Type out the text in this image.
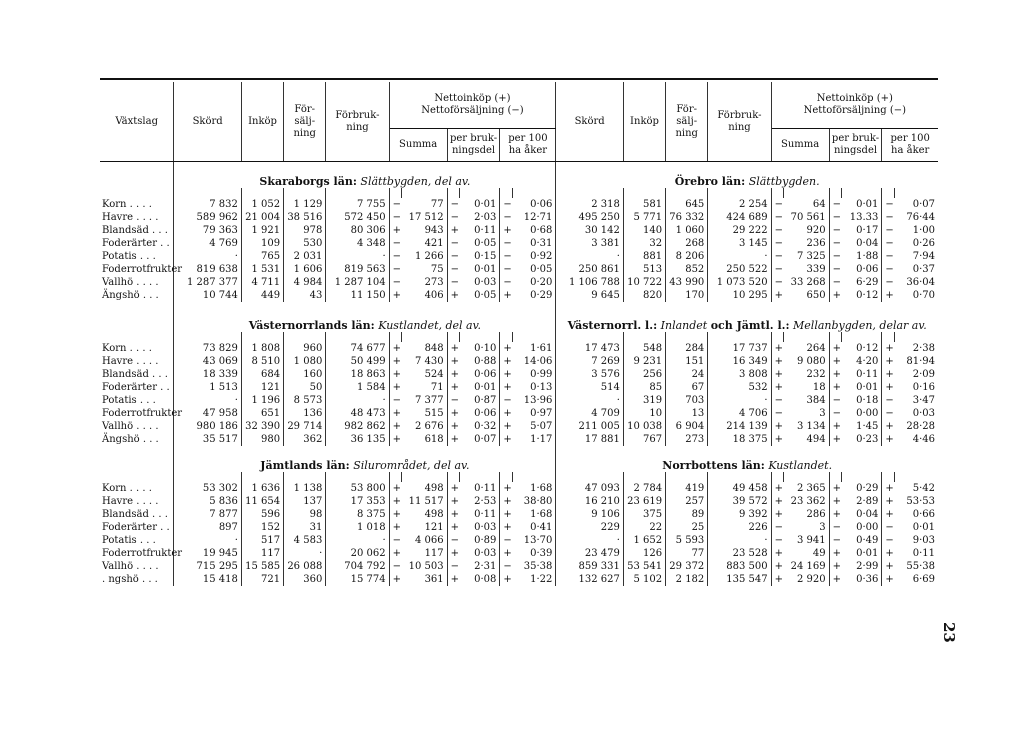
Växtslag	Skörd	Inköp	För-
sälj-
ning	Förbruk-
ning	Nettoinköp (+)
Nettoförsäljning (−)						Skörd	Inköp	För-
sälj-
ning	Förbruk-
ning	Nettoinköp (+)
Nettoförsäljning (−)					
					Summa		per bruk-
ningsdel		per 100
ha åker						Summa		per bruk-
ningsdel		per 100
ha åker	
	Skaraborgs län: Slättbygden, del av.										Örebro län: Slättbygden.									

Korn . . . .	7 832	1 052	1 129	7 755	−	77	−	0·01	−	0·06	2 318	581	645	2 254	−	64	−	0·01	−	0·07
Havre . . . .	589 962	21 004	38 516	572 450	−	17 512	−	2·03	−	12·71	495 250	5 771	76 332	424 689	−	70 561	−	13.33	−	76·44
Blandsäd . . .	79 363	1 921	978	80 306	+	943	+	0·11	+	0·68	30 142	140	1 060	29 222	−	920	−	0·17	−	1·00
Foderärter . .	4 769	109	530	4 348	−	421	−	0·05	−	0·31	3 381	32	268	3 145	−	236	−	0·04	−	0·26
Potatis . . .	·	765	2 031	·	−	1 266	−	0·15	−	0·92	·	881	8 206	·	−	7 325	−	1·88	−	7·94
Foderrotfrukter	819 638	1 531	1 606	819 563	−	75	−	0·01	−	0·05	250 861	513	852	250 522	−	339	−	0·06	−	0·37
Vallhö . . . .	1 287 377	4 711	4 984	1 287 104	−	273	−	0·03	−	0·20	1 106 788	10 722	43 990	1 073 520	−	33 268	−	6·29	−	36·04
Ängshö . . .	10 744	449	43	11 150	+	406	+	0·05	+	0·29	9 645	820	170	10 295	+	650	+	0·12	+	0·70
	Västernorrlands län: Kustlandet, del av.										Västernorrl. l.: Inlandet och Jämtl. l.: Mellanbygden, delar av.									

Korn . . . .	73 829	1 808	960	74 677	+	848	+	0·10	+	1·61	17 473	548	284	17 737	+	264	+	0·12	+	2·38
Havre . . . .	43 069	8 510	1 080	50 499	+	7 430	+	0·88	+	14·06	7 269	9 231	151	16 349	+	9 080	+	4·20	+	81·94
Blandsäd . . .	18 339	684	160	18 863	+	524	+	0·06	+	0·99	3 576	256	24	3 808	+	232	+	0·11	+	2·09
Foderärter . .	1 513	121	50	1 584	+	71	+	0·01	+	0·13	514	85	67	532	+	18	+	0·01	+	0·16
Potatis . . .	·	1 196	8 573	·	−	7 377	−	0·87	−	13·96	·	319	703	·	−	384	−	0·18	−	3·47
Foderrotfrukter	47 958	651	136	48 473	+	515	+	0·06	+	0·97	4 709	10	13	4 706	−	3	−	0·00	−	0·03
Vallhö . . . .	980 186	32 390	29 714	982 862	+	2 676	+	0·32	+	5·07	211 005	10 038	6 904	214 139	+	3 134	+	1·45	+	28·28
Ängshö . . .	35 517	980	362	36 135	+	618	+	0·07	+	1·17	17 881	767	273	18 375	+	494	+	0·23	+	4·46
	Jämtlands län: Silurområdet, del av.										Norrbottens län: Kustlandet.									

Korn . . . .	53 302	1 636	1 138	53 800	+	498	+	0·11	+	1·68	47 093	2 784	419	49 458	+	2 365	+	0·29	+	5·42
Havre . . . .	5 836	11 654	137	17 353	+	11 517	+	2·53	+	38·80	16 210	23 619	257	39 572	+	23 362	+	2·89	+	53·53
Blandsäd . . .	7 877	596	98	8 375	+	498	+	0·11	+	1·68	9 106	375	89	9 392	+	286	+	0·04	+	0·66
Foderärter . .	897	152	31	1 018	+	121	+	0·03	+	0·41	229	22	25	226	−	3	−	0·00	−	0·01
Potatis . . .	·	517	4 583	·	−	4 066	−	0·89	−	13·70	·	1 652	5 593	·	−	3 941	−	0·49	−	9·03
Foderrotfrukter	19 945	117	·	20 062	+	117	+	0·03	+	0·39	23 479	126	77	23 528	+	49	+	0·01	+	0·11
Vallhö . . . .	715 295	15 585	26 088	704 792	−	10 503	−	2·31	−	35·38	859 331	53 541	29 372	883 500	+	24 169	+	2·99	+	55·38
. ngshö . . .	15 418	721	360	15 774	+	361	+	0·08	+	1·22	132 627	5 102	2 182	135 547	+	2 920	+	0·36	+	6·69
23
